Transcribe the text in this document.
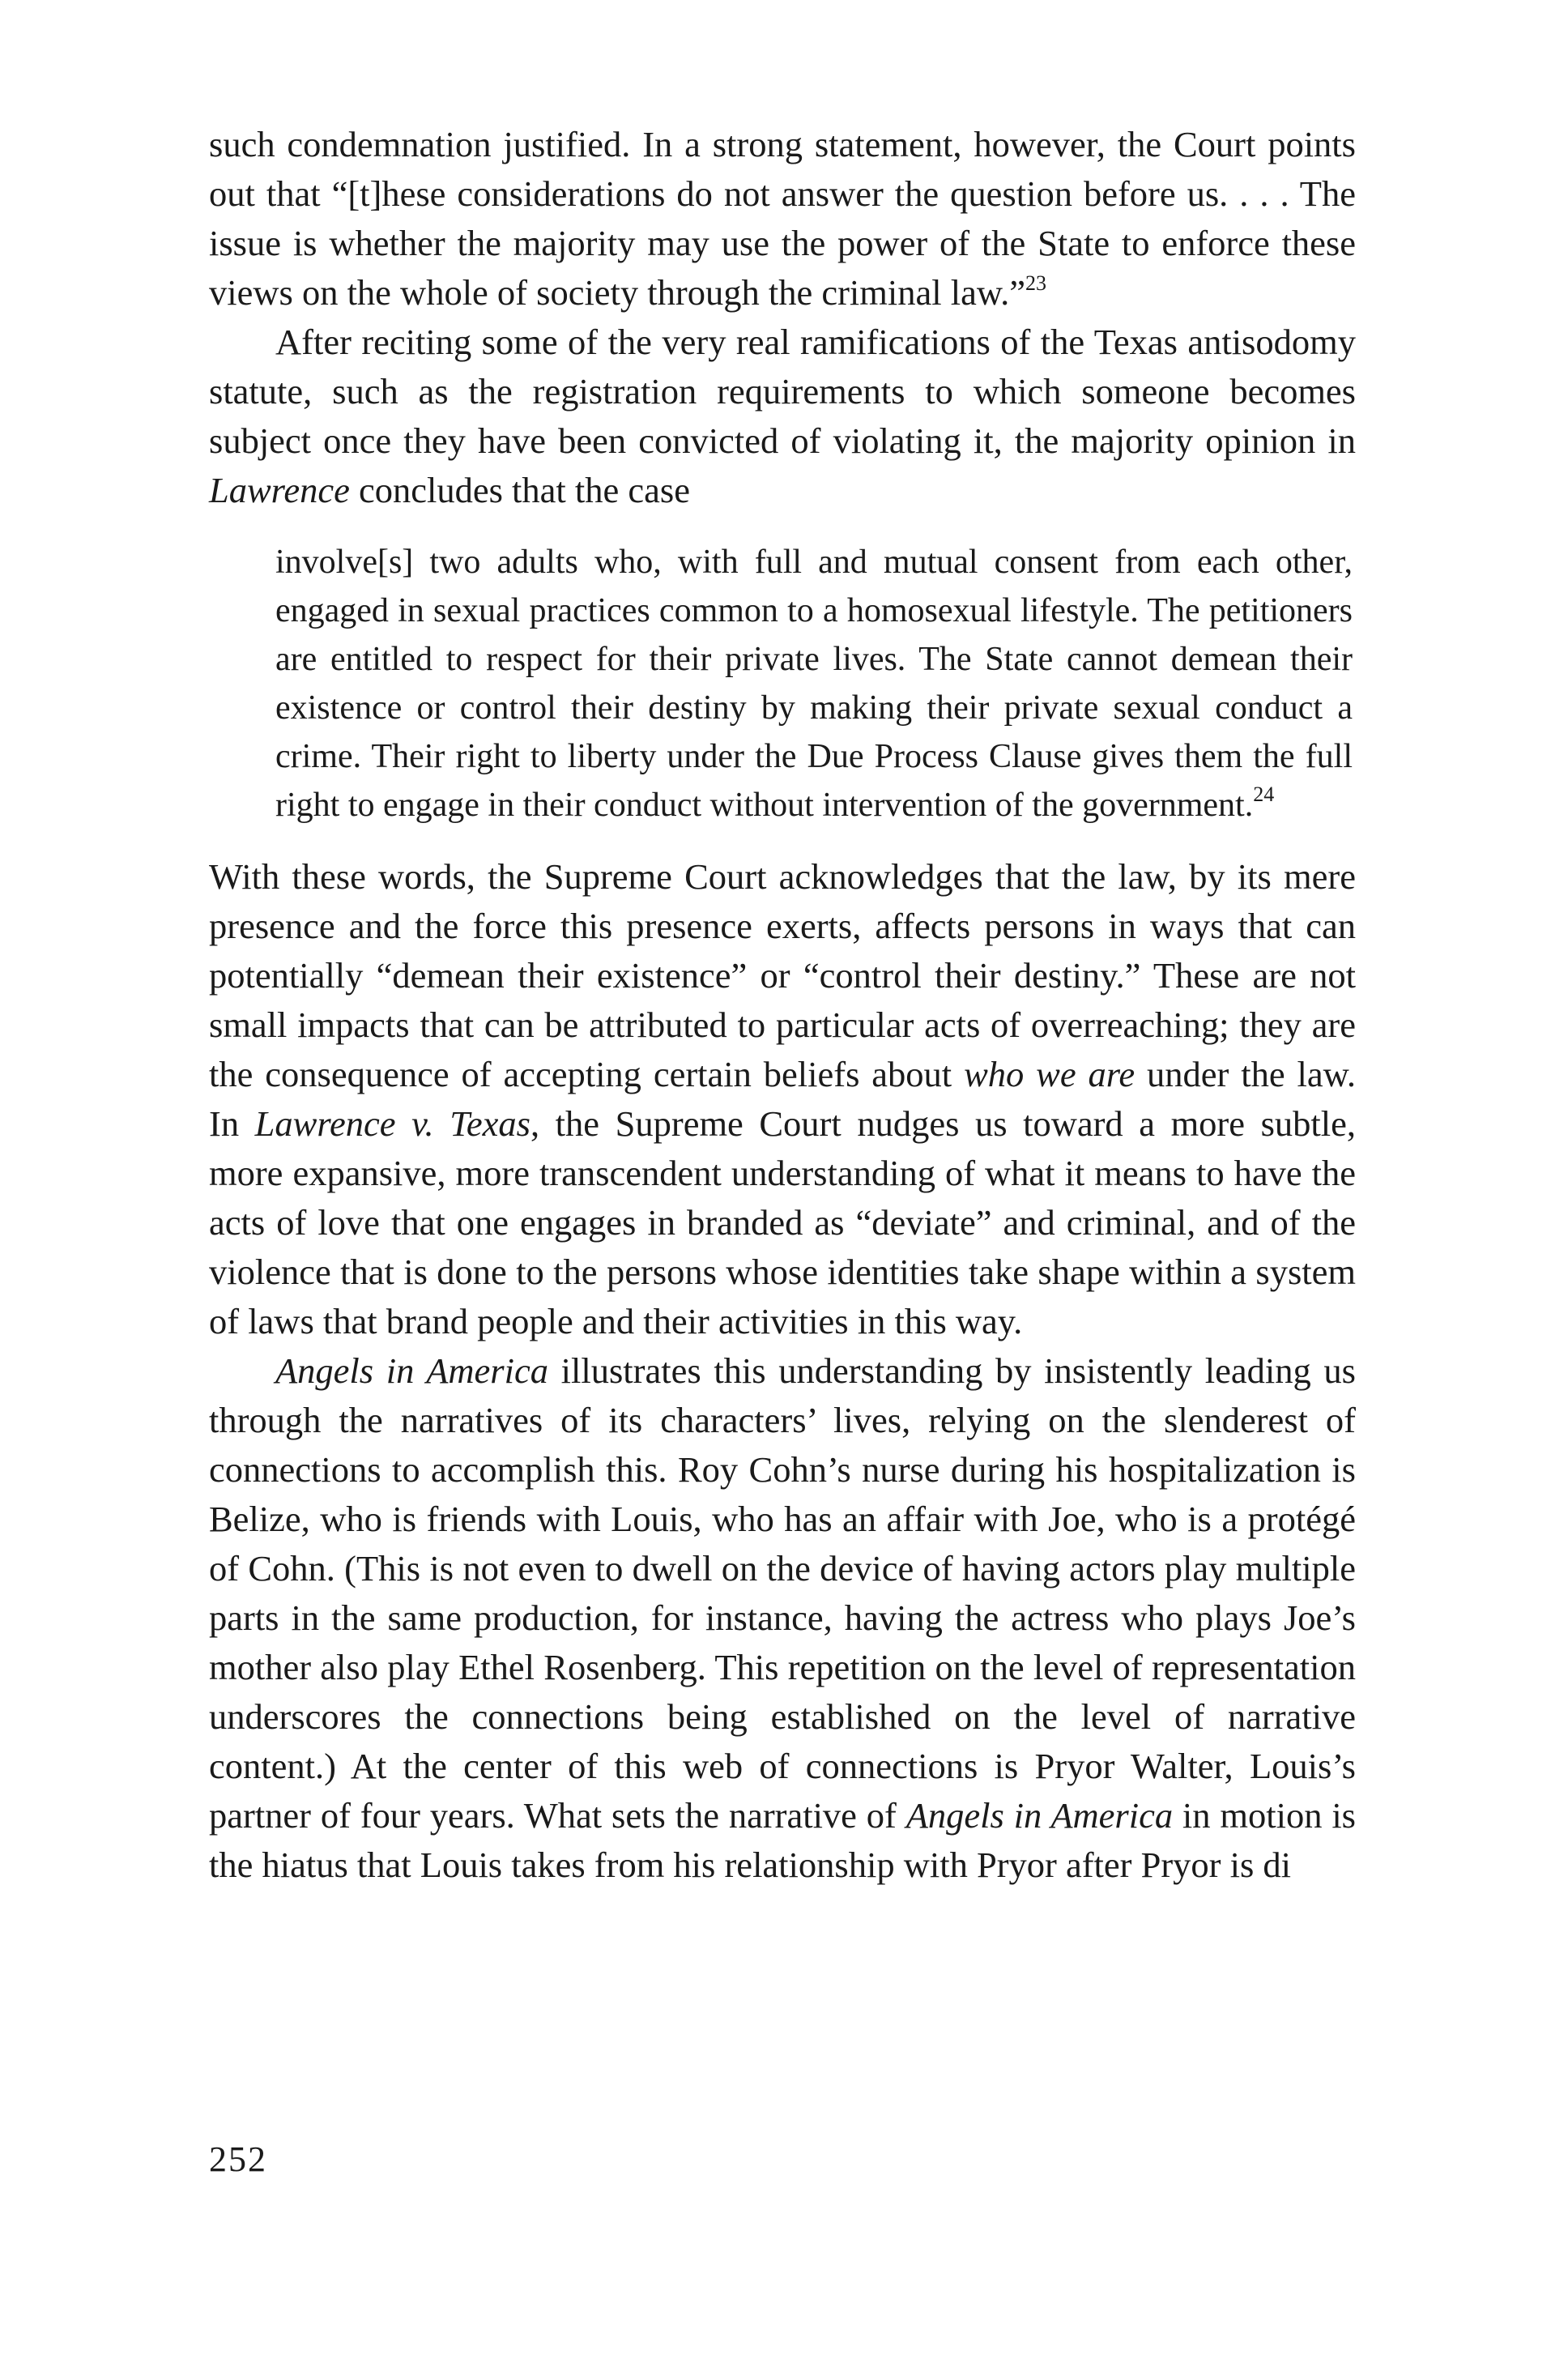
such condemnation justified. In a strong statement, however, the Court points out that “[t]hese considerations do not answer the question before us. . . . The issue is whether the majority may use the power of the State to enforce these views on the whole of society through the criminal law.”$^{23}$

After reciting some of the very real ramifications of the Texas antisodomy statute, such as the registration requirements to which someone becomes subject once they have been convicted of violating it, the majority opinion in Lawrence concludes that the case

involve[s] two adults who, with full and mutual consent from each other, engaged in sexual practices common to a homosexual lifestyle. The petitioners are entitled to respect for their private lives. The State cannot demean their existence or control their destiny by making their private sexual conduct a crime. Their right to liberty under the Due Process Clause gives them the full right to engage in their conduct without intervention of the government.$^{24}$

With these words, the Supreme Court acknowledges that the law, by its mere presence and the force this presence exerts, affects persons in ways that can potentially “demean their existence” or “control their destiny.” These are not small impacts that can be attributed to particular acts of overreaching; they are the consequence of accepting certain beliefs about who we are under the law. In Lawrence v. Texas, the Supreme Court nudges us toward a more subtle, more expansive, more transcendent understanding of what it means to have the acts of love that one engages in branded as “deviate” and criminal, and of the violence that is done to the persons whose identities take shape within a system of laws that brand people and their activities in this way.

Angels in America illustrates this understanding by insistently leading us through the narratives of its characters’ lives, relying on the slenderest of connections to accomplish this. Roy Cohn’s nurse during his hospitalization is Belize, who is friends with Louis, who has an affair with Joe, who is a protégé of Cohn. (This is not even to dwell on the device of having actors play multiple parts in the same production, for instance, having the actress who plays Joe’s mother also play Ethel Rosenberg. This repetition on the level of representation underscores the connections being established on the level of narrative content.) At the center of this web of connections is Pryor Walter, Louis’s partner of four years. What sets the narrative of Angels in America in motion is the hiatus that Louis takes from his relationship with Pryor after Pryor is di

252
